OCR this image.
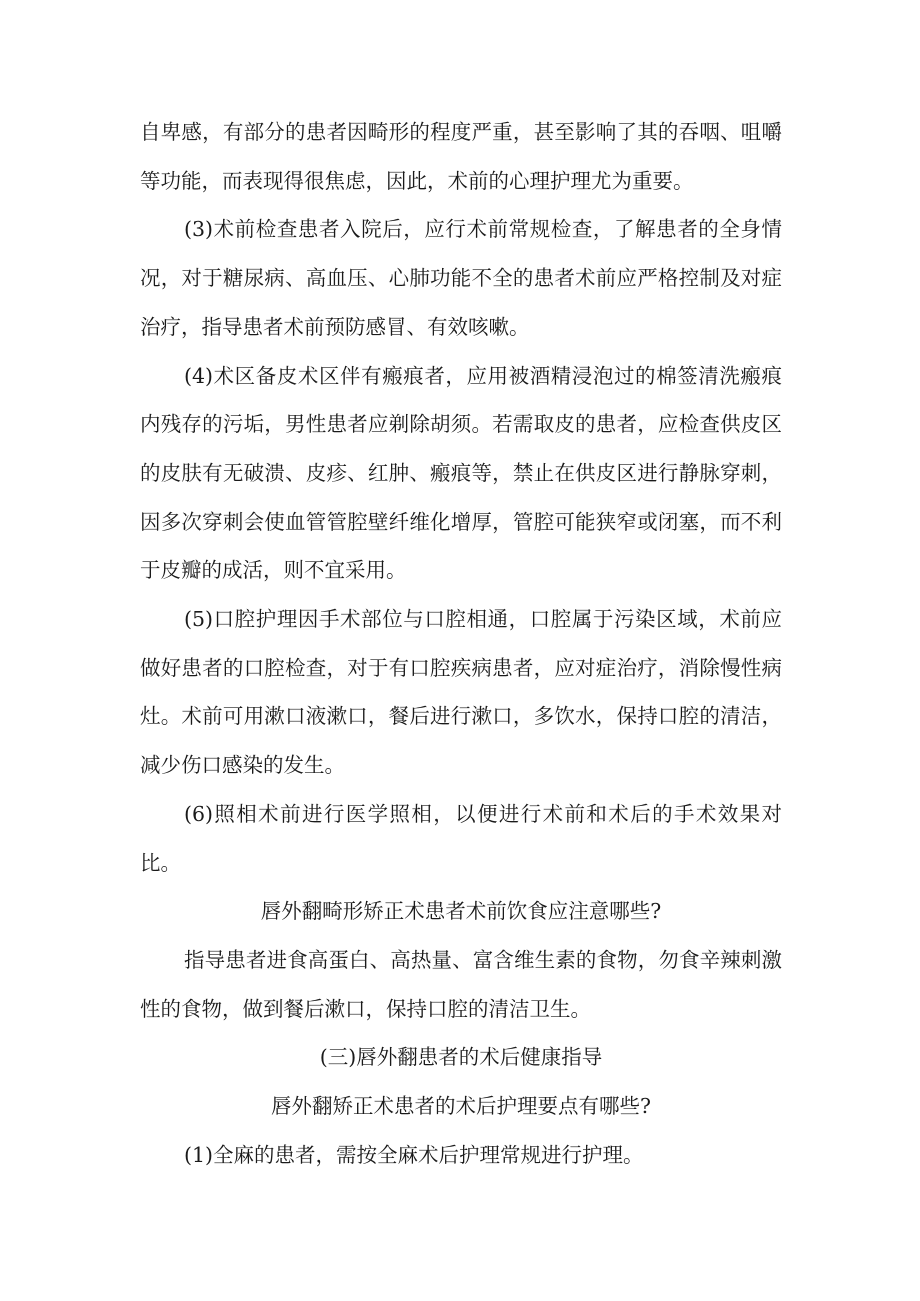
自卑感，有部分的患者因畸形的程度严重，甚至影响了其的吞咽、咀嚼等功能，而表现得很焦虑，因此，术前的心理护理尤为重要。

(3)术前检查患者入院后，应行术前常规检查，了解患者的全身情况，对于糖尿病、高血压、心肺功能不全的患者术前应严格控制及对症治疗，指导患者术前预防感冒、有效咳嗽。

(4)术区备皮术区伴有瘢痕者，应用被酒精浸泡过的棉签清洗瘢痕内残存的污垢，男性患者应剃除胡须。若需取皮的患者，应检查供皮区的皮肤有无破溃、皮疹、红肿、瘢痕等，禁止在供皮区进行静脉穿刺，因多次穿刺会使血管管腔壁纤维化增厚，管腔可能狭窄或闭塞，而不利于皮瓣的成活，则不宜采用。

(5)口腔护理因手术部位与口腔相通，口腔属于污染区域，术前应做好患者的口腔检查，对于有口腔疾病患者，应对症治疗，消除慢性病灶。术前可用漱口液漱口，餐后进行漱口，多饮水，保持口腔的清洁，减少伤口感染的发生。

(6)照相术前进行医学照相，以便进行术前和术后的手术效果对比。

唇外翻畸形矫正术患者术前饮食应注意哪些?

指导患者进食高蛋白、高热量、富含维生素的食物，勿食辛辣刺激性的食物，做到餐后漱口，保持口腔的清洁卫生。

(三)唇外翻患者的术后健康指导

唇外翻矫正术患者的术后护理要点有哪些?

(1)全麻的患者，需按全麻术后护理常规进行护理。
